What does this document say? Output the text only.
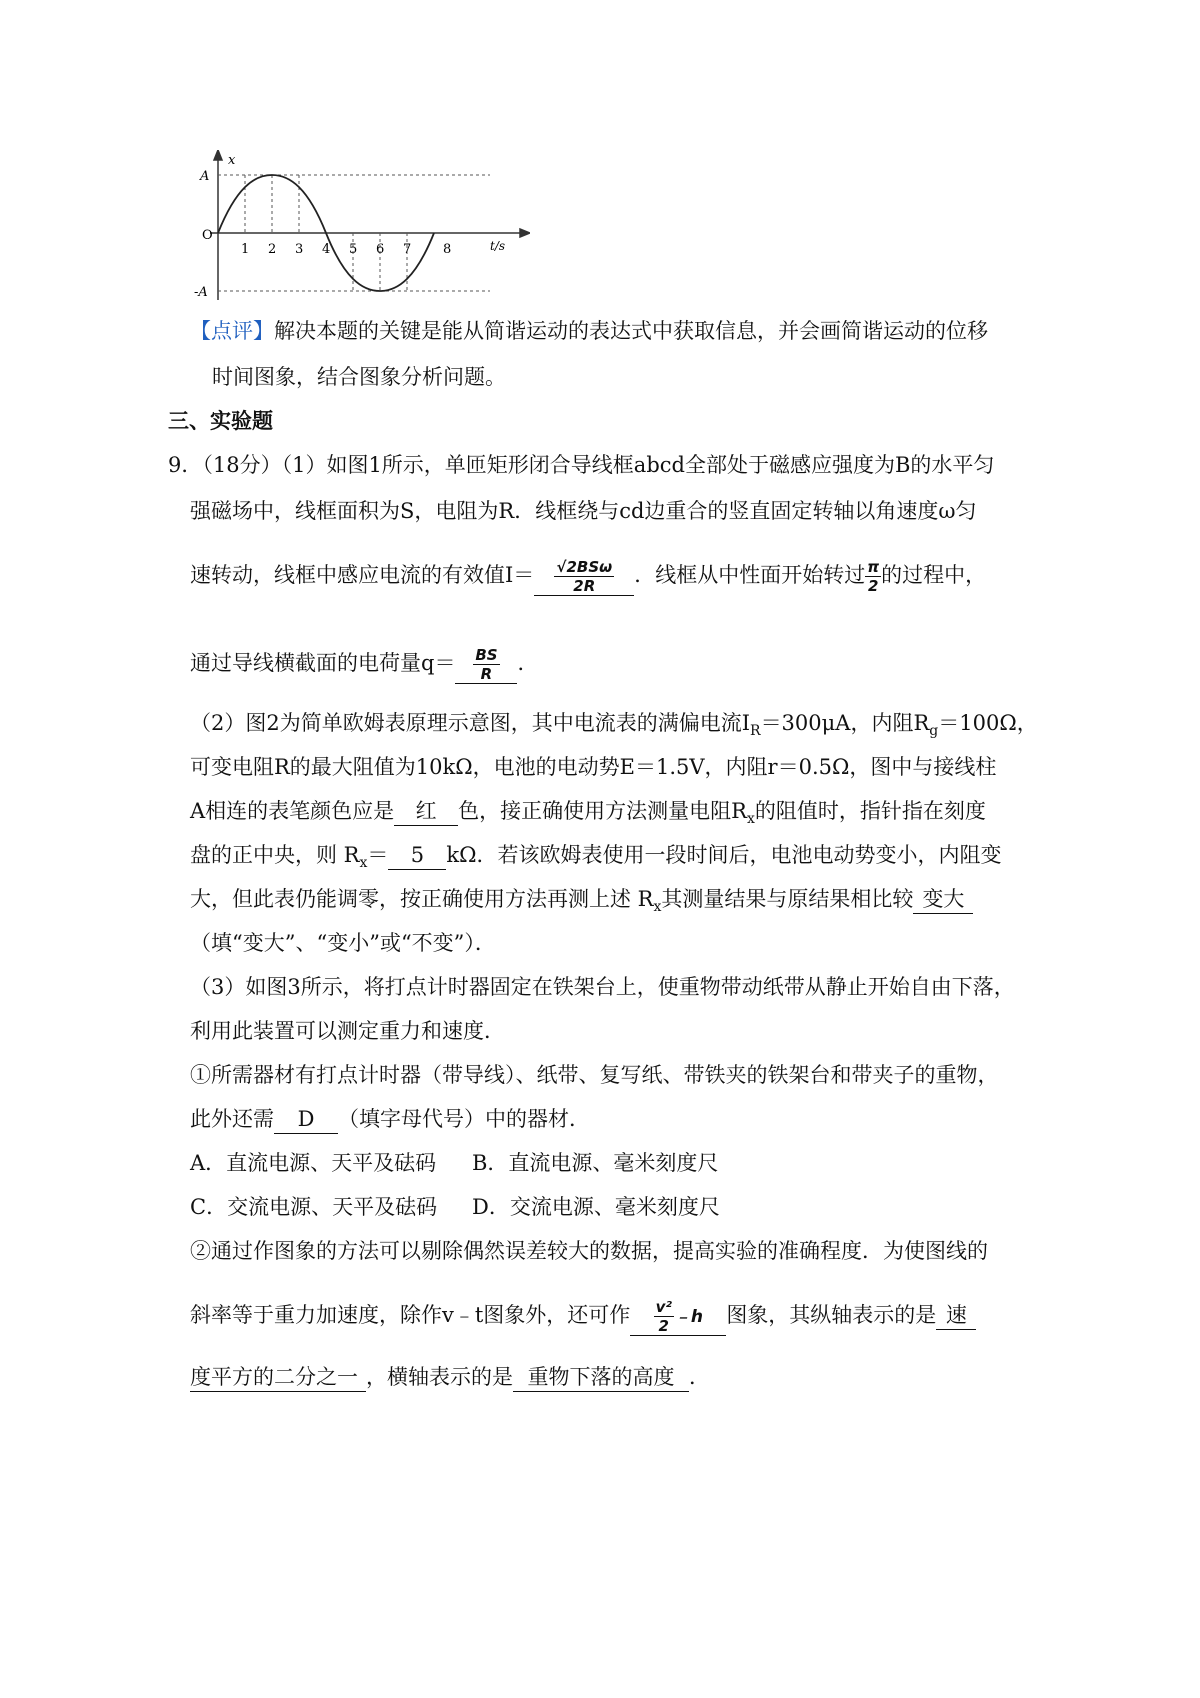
x
A
O
-A
t/s
1 2 3 4 5 6 7 8
【点评】解决本题的关键是能从简谐运动的表达式中获取信息，并会画简谐运动的位移
时间图象，结合图象分析问题。
三、实验题
9．（18分）（1）如图1所示，单匝矩形闭合导线框abcd全部处于磁感应强度为B的水平匀
强磁场中，线框面积为S，电阻为R．线框绕与cd边重合的竖直固定转轴以角速度ω匀
速转动，线框中感应电流的有效值$I= \frac{\text{√2BSω}}{2R}$ ．线框从中性面开始转过 $\frac{\pi}{2}$ 的过程中，
通过导线横截面的电荷量$q= \frac{BS}{R}$ ．
（2）图2为简单欧姆表原理示意图，其中电流表的满偏电流$I_R=300\mu A$，内阻$R_g=100\Omega$，
可变电阻R的最大阻值为10kΩ，电池的电动势E＝1.5V，内阻r＝0.5Ω，图中与接线柱
A相连的表笔颜色应是 红 色，接正确使用方法测量电阻$R_x$的阻值时，指针指在刻度
盘的正中央，则 $R_x= 5$ kΩ．若该欧姆表使用一段时间后，电池电动势变小，内阻变
大，但此表仍能调零，按正确使用方法再测上述 $R_x$其测量结果与原结果相比较 变大
（填“变大”、“变小”或“不变”）．
（3）如图3所示，将打点计时器固定在铁架台上，使重物带动纸带从静止开始自由下落，
利用此装置可以测定重力和速度．
①所需器材有打点计时器（带导线）、纸带、复写纸、带铁夹的铁架台和带夹子的重物，
此外还需 D （填字母代号）中的器材．
A．直流电源、天平及砝码 B．直流电源、毫米刻度尺
C．交流电源、天平及砝码 D．交流电源、毫米刻度尺
②通过作图象的方法可以剔除偶然误差较大的数据，提高实验的准确程度．为使图线的
斜率等于重力加速度，除作v﹣t图象外，还可作 $\frac{\text{v²}}{2}$ ﹣h 图象，其纵轴表示的是 速
度平方的二分之一 ，横轴表示的是 重物下落的高度 ．
